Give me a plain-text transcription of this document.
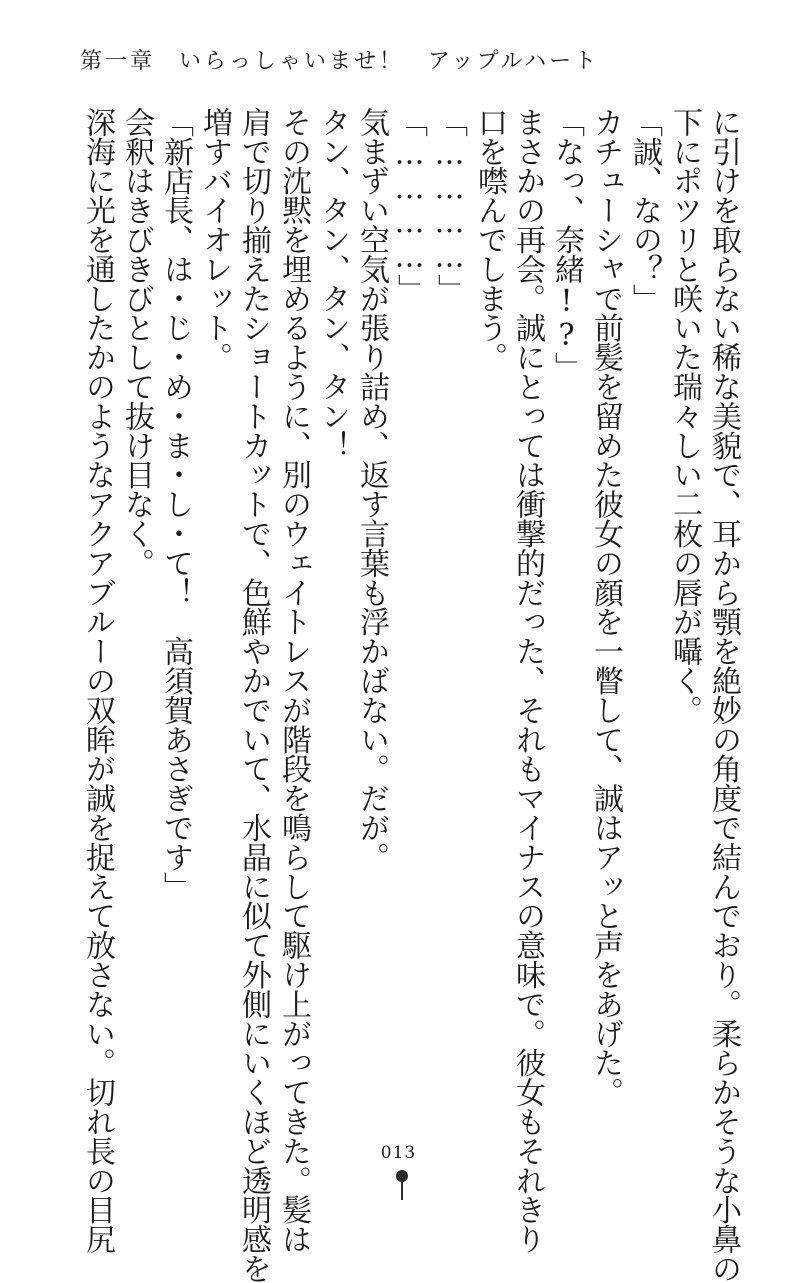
第一章 いらっしゃいませ！ アップルハート
に引けを取らない稀な美貌で、耳から顎を絶妙の角度で結んでおり。柔らかそうな小鼻の
下にポツリと咲いた瑞々しい二枚の唇が囁く。
「誠、なの？」
カチューシャで前髪を留めた彼女の顔を一瞥して、誠はアッと声をあげた。
「なっ、奈緒!?」
まさかの再会。誠にとっては衝撃的だった、それもマイナスの意味で。彼女もそれきり
口を噤んでしまう。
「…………」
「…………」
気まずい空気が張り詰め、返す言葉も浮かばない。だが。
タン、タン、タン、タン！
その沈黙を埋めるように、別のウェイトレスが階段を鳴らして駆け上がってきた。髪は
肩で切り揃えたショートカットで、色鮮やかでいて、水晶に似て外側にいくほど透明感を
増すバイオレット。
「新店長、は・じ・め・ま・し・て！　高須賀あさぎです」
会釈はきびきびとして抜け目なく。
深海に光を通したかのようなアクアブルーの双眸が誠を捉えて放さない。切れ長の目尻	013
